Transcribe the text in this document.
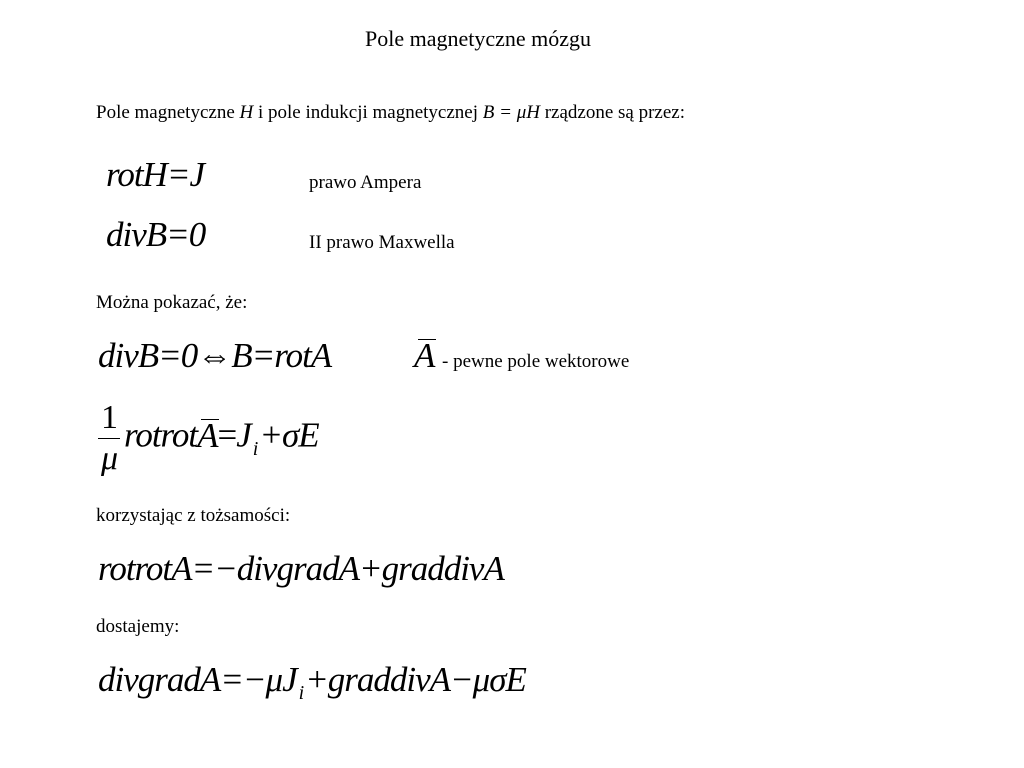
Pole magnetyczne mózgu
Pole magnetyczne H i pole indukcji magnetycznej B = μH rządzone są przez:
rotH=J	prawo Ampera
divB=0	II prawo Maxwella
Można pokazać, że:
divB=0⇔B=rotA A - pewne pole wektorowe
$\frac{1}{\mu}$ rotrotA=J $_i$+σE
korzystając z tożsamości:
rotrotA=−divgradA+graddivA
dostajemy:
divgradA=−μJ $_i$+graddivA−μσE
